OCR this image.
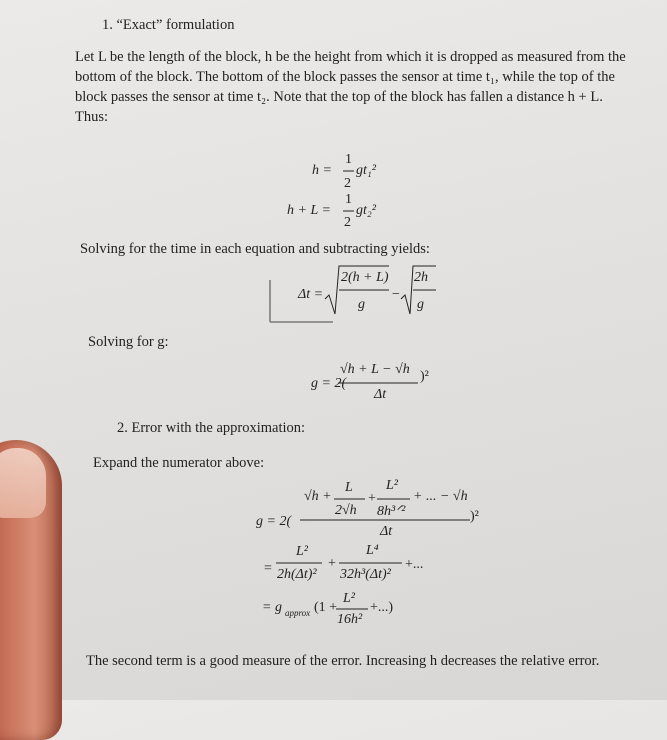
1. “Exact” formulation
Let L be the length of the block, h be the height from which it is dropped as measured from the
bottom of the block. The bottom of the block passes the sensor at time t₁, while the top of the
block passes the sensor at time t₂. Note that the top of the block has fallen a distance h + L.
Thus:
h =
1
2
gt₁²
h + L =
1
2
gt₂²
Solving for the time in each equation and subtracting yields:
Δt =
2(h + L)
g
−
2h
g
Solving for g:
g = 2(
√h + L − √h
Δt
)²
2. Error with the approximation:
Expand the numerator above:
g = 2(
√h +
L
2√h
+
L²
8h³ᐟ²
+ ... − √h
Δt
)²
=
L²
2h(Δt)²
+
L⁴
32h³(Δt)²
+...
= g approx (1 +
L²
16h²
+...)
The second term is a good measure of the error. Increasing h decreases the relative error.
